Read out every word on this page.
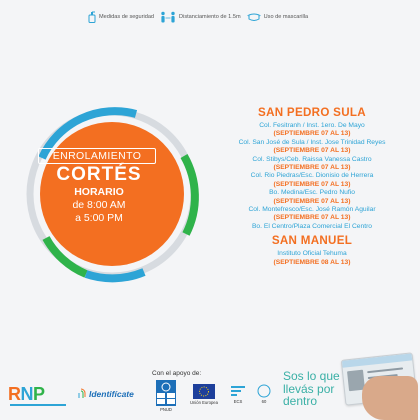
Medidas de seguridad	Distanciamiento de 1.5m	Uso de mascarilla
ENROLAMIENTO
CORTÉS
HORARIO
de 8:00 AM
a 5:00 PM
SAN PEDRO SULA
Col. Fesitranh / Inst. 1ero. De Mayo
(SEPTIEMBRE 07 AL 13)
Col. San José de Sula / Inst. Jose Trinidad Reyes
(SEPTIEMBRE 07 AL 13)
Col. Stibys/Ceb. Raissa Vanessa Castro
(SEPTIEMBRE 07 AL 13)
Col. Rio Piedras/Esc. Dionisio de Herrera
(SEPTIEMBRE 07 AL 13)
Bo. Medina/Esc. Pedro Nufio
(SEPTIEMBRE 07 AL 13)
Col. Montefresco/Esc. José Ramón Aguilar
(SEPTIEMBRE 07 AL 13)
Bo. El Centro/Plaza Comercial El Centro
SAN MANUEL
Instituto Oficial Tehuma
(SEPTIEMBRE 08 AL 13)
RNP	Identifícate
Con el apoyo de:
PNUD
Unión Europea	ECS	60
Sos lo que
llevás por
dentro
